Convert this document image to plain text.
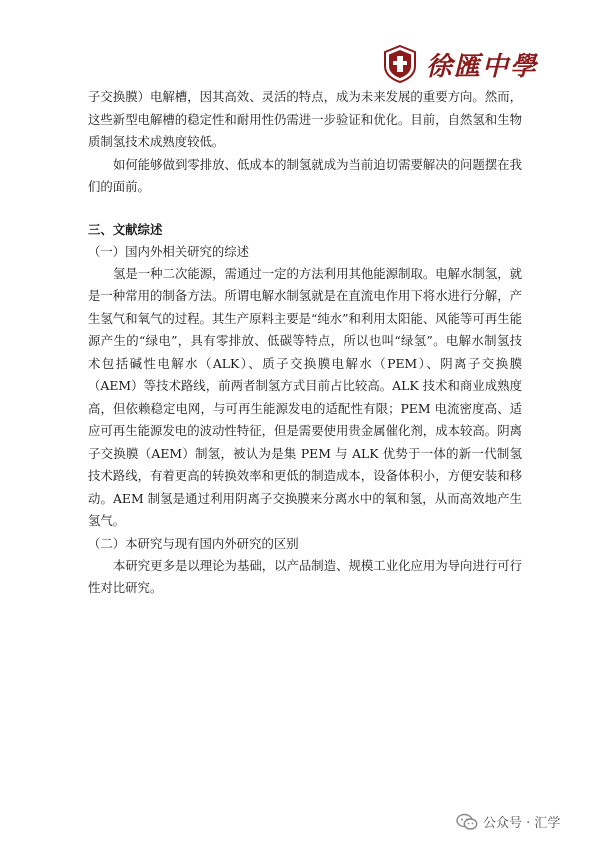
徐匯中學

子交换膜）电解槽，因其高效、灵活的特点，成为未来发展的重要方向。然而，这些新型电解槽的稳定性和耐用性仍需进一步验证和优化。目前，自然氢和生物质制氢技术成熟度较低。

如何能够做到零排放、低成本的制氢就成为当前迫切需要解决的问题摆在我们的面前。

三、文献综述
（一）国内外相关研究的综述

氢是一种二次能源，需通过一定的方法利用其他能源制取。电解水制氢，就是一种常用的制备方法。所谓电解水制氢就是在直流电作用下将水进行分解，产生氢气和氧气的过程。其生产原料主要是“纯水”和利用太阳能、风能等可再生能源产生的“绿电”，具有零排放、低碳等特点，所以也叫“绿氢”。电解水制氢技术包括碱性电解水（ALK）、质子交换膜电解水（PEM）、阴离子交换膜（AEM）等技术路线，前两者制氢方式目前占比较高。ALK 技术和商业成熟度高，但依赖稳定电网，与可再生能源发电的适配性有限；PEM 电流密度高、适应可再生能源发电的波动性特征，但是需要使用贵金属催化剂，成本较高。阴离子交换膜（AEM）制氢，被认为是集 PEM 与 ALK 优势于一体的新一代制氢技术路线，有着更高的转换效率和更低的制造成本，设备体积小，方便安装和移动。AEM 制氢是通过利用阴离子交换膜来分离水中的氧和氢，从而高效地产生氢气。

（二）本研究与现有国内外研究的区别

本研究更多是以理论为基础，以产品制造、规模工业化应用为导向进行可行性对比研究。

公众号 · 汇学
